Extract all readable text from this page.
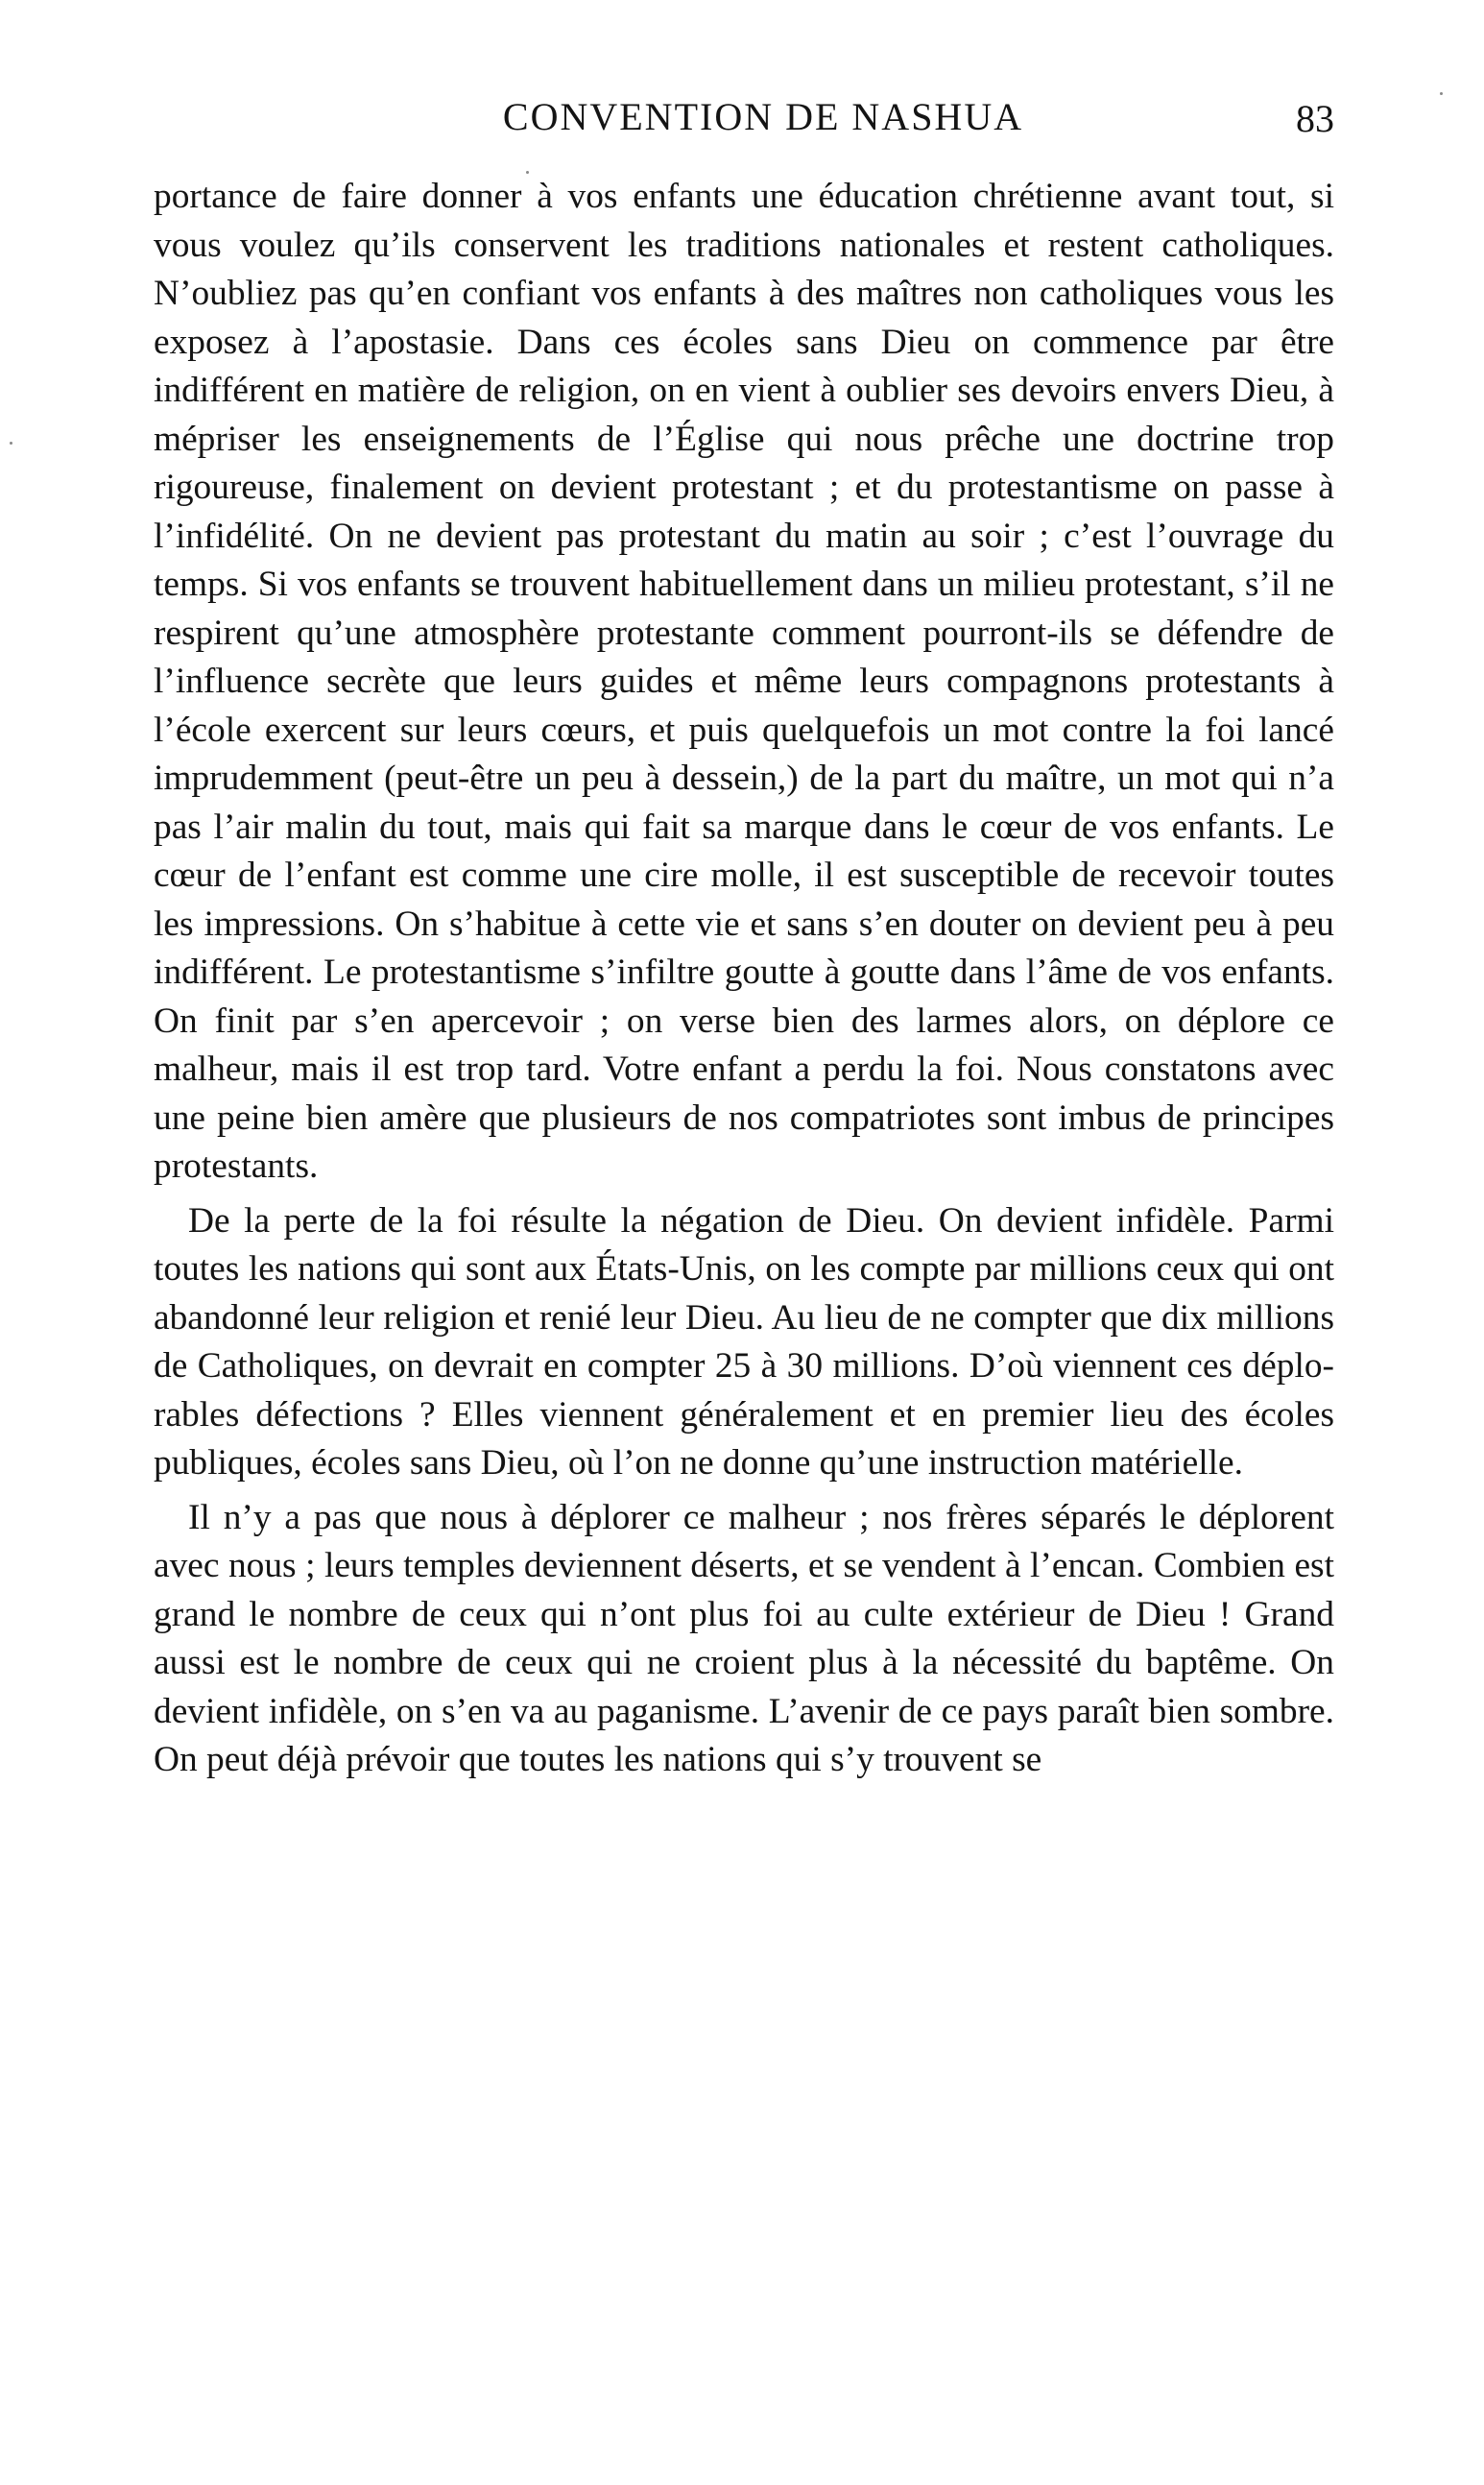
CONVENTION DE NASHUA	83

portance de faire donner à vos enfants une éducation chrétienne avant tout, si vous voulez qu’ils conservent les traditions nationales et restent catholiques. N’oubliez pas qu’en confiant vos enfants à des maîtres non catholiques vous les exposez à l’apostasie. Dans ces écoles sans Dieu on commence par être indifférent en matière de religion, on en vient à oublier ses devoirs envers Dieu, à mépriser les enseignements de l’Église qui nous prêche une doctrine trop rigoureuse, finalement on devient protestant ; et du protestantisme on passe à l’infidélité. On ne devient pas protestant du matin au soir ; c’est l’ouvrage du temps. Si vos enfants se trouvent habituellement dans un milieu protestant, s’il ne respirent qu’une atmosphère protestante comment pourront-ils se défendre de l’influence secrète que leurs guides et même leurs compagnons protestants à l’école exercent sur leurs cœurs, et puis quelquefois un mot contre la foi lancé imprudemment (peut-être un peu à dessein,) de la part du maître, un mot qui n’a pas l’air malin du tout, mais qui fait sa marque dans le cœur de vos enfants. Le cœur de l’enfant est comme une cire molle, il est susceptible de recevoir toutes les impressions. On s’habitue à cette vie et sans s’en douter on devient peu à peu indifférent. Le protestantisme s’infiltre goutte à goutte dans l’âme de vos enfants. On finit par s’en apercevoir ; on verse bien des larmes alors, on déplore ce malheur, mais il est trop tard. Votre enfant a perdu la foi. Nous constatons avec une peine bien amère que plusieurs de nos compatriotes sont imbus de principes protestants.

De la perte de la foi résulte la négation de Dieu. On devient infidèle. Parmi toutes les nations qui sont aux États-Unis, on les compte par millions ceux qui ont abandonné leur religion et renié leur Dieu. Au lieu de ne compter que dix millions de Catholiques, on devrait en compter 25 à 30 millions. D’où viennent ces déplorables défections ? Elles viennent généralement et en premier lieu des écoles publiques, écoles sans Dieu, où l’on ne donne qu’une instruction matérielle.

Il n’y a pas que nous à déplorer ce malheur ; nos frères séparés le déplorent avec nous ; leurs temples deviennent déserts, et se vendent à l’encan. Combien est grand le nombre de ceux qui n’ont plus foi au culte extérieur de Dieu ! Grand aussi est le nombre de ceux qui ne croient plus à la nécessité du baptême. On devient infidèle, on s’en va au paganisme. L’avenir de ce pays paraît bien sombre. On peut déjà prévoir que toutes les nations qui s’y trouvent se
